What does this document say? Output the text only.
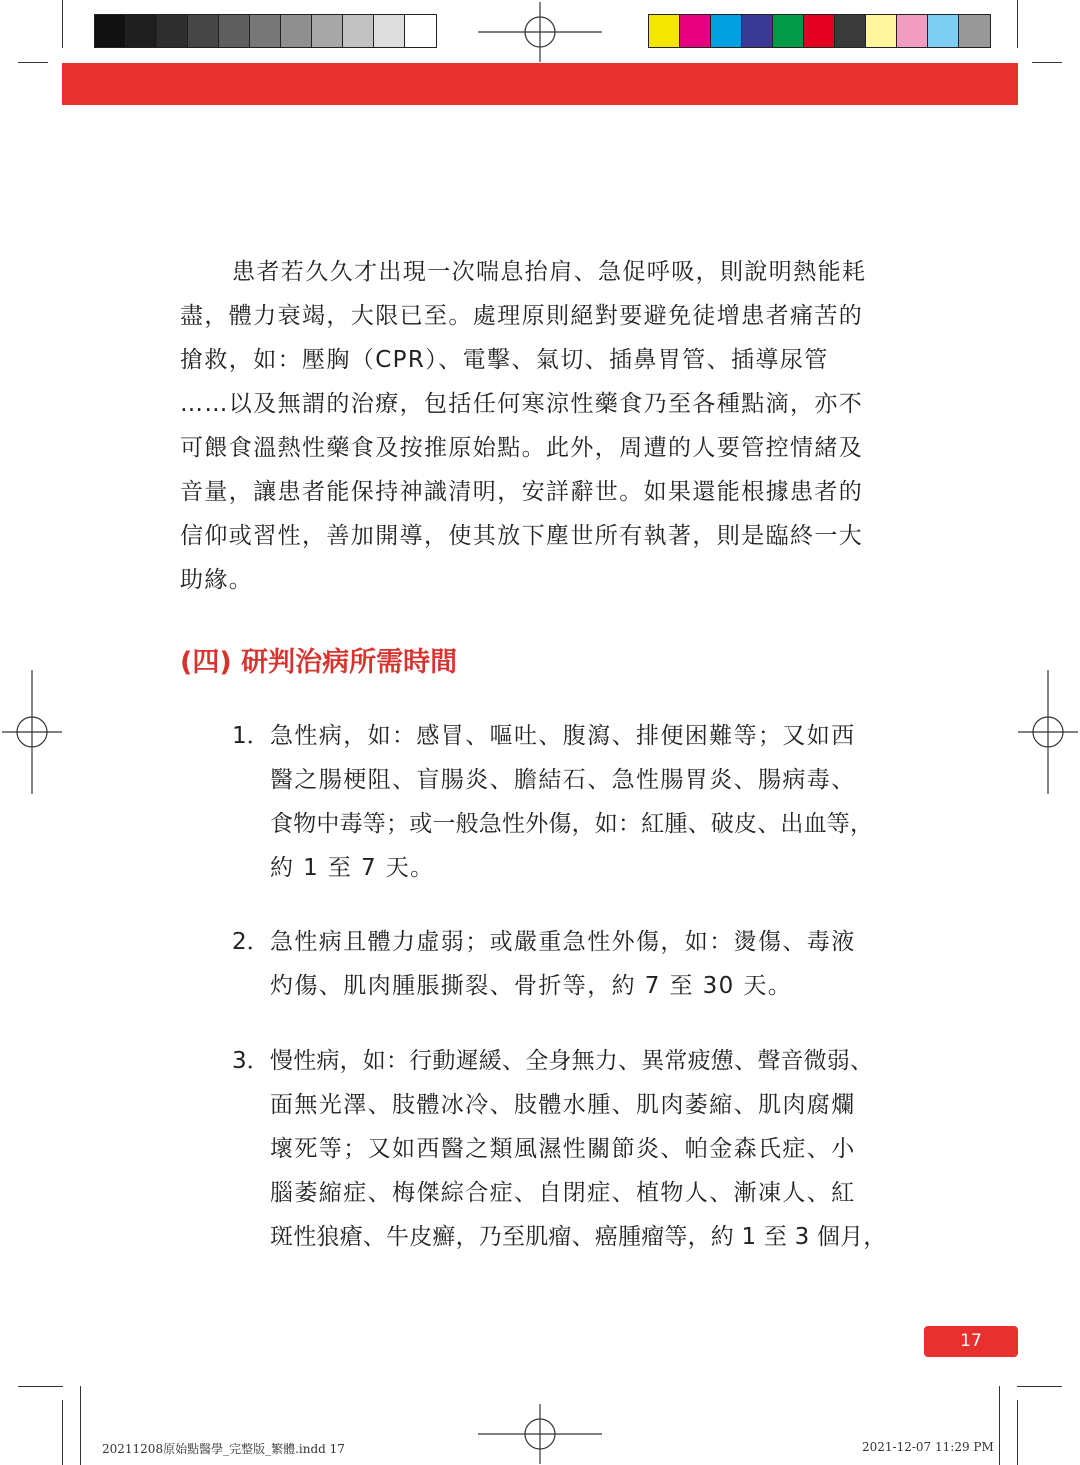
患者若久久才出現一次喘息抬肩、急促呼吸，則說明熱能耗
盡，體力衰竭，大限已至。處理原則絕對要避免徒增患者痛苦的
搶救，如：壓胸（CPR）、電擊、氣切、插鼻胃管、插導尿管
……以及無謂的治療，包括任何寒涼性藥食乃至各種點滴，亦不
可餵食溫熱性藥食及按推原始點。此外，周遭的人要管控情緒及
音量，讓患者能保持神識清明，安詳辭世。如果還能根據患者的
信仰或習性，善加開導，使其放下塵世所有執著，則是臨終一大
助緣。
(四) 研判治病所需時間
1． 急性病，如：感冒、嘔吐、腹瀉、排便困難等；又如西
醫之腸梗阻、盲腸炎、膽結石、急性腸胃炎、腸病毒、
食物中毒等；或一般急性外傷，如：紅腫、破皮、出血等，
約 1 至 7 天。
2． 急性病且體力虛弱；或嚴重急性外傷，如：燙傷、毒液
灼傷、肌肉腫脹撕裂、骨折等，約 7 至 30 天。
3． 慢性病，如：行動遲緩、全身無力、異常疲憊、聲音微弱、
面無光澤、肢體冰冷、肢體水腫、肌肉萎縮、肌肉腐爛
壞死等；又如西醫之類風濕性關節炎、帕金森氏症、小
腦萎縮症、梅傑綜合症、自閉症、植物人、漸凍人、紅
斑性狼瘡、牛皮癬，乃至肌瘤、癌腫瘤等，約 1 至 3 個月，
17
20211208原始點醫學_完整版_繁體.indd 17	2021-12-07 11:29 PM
